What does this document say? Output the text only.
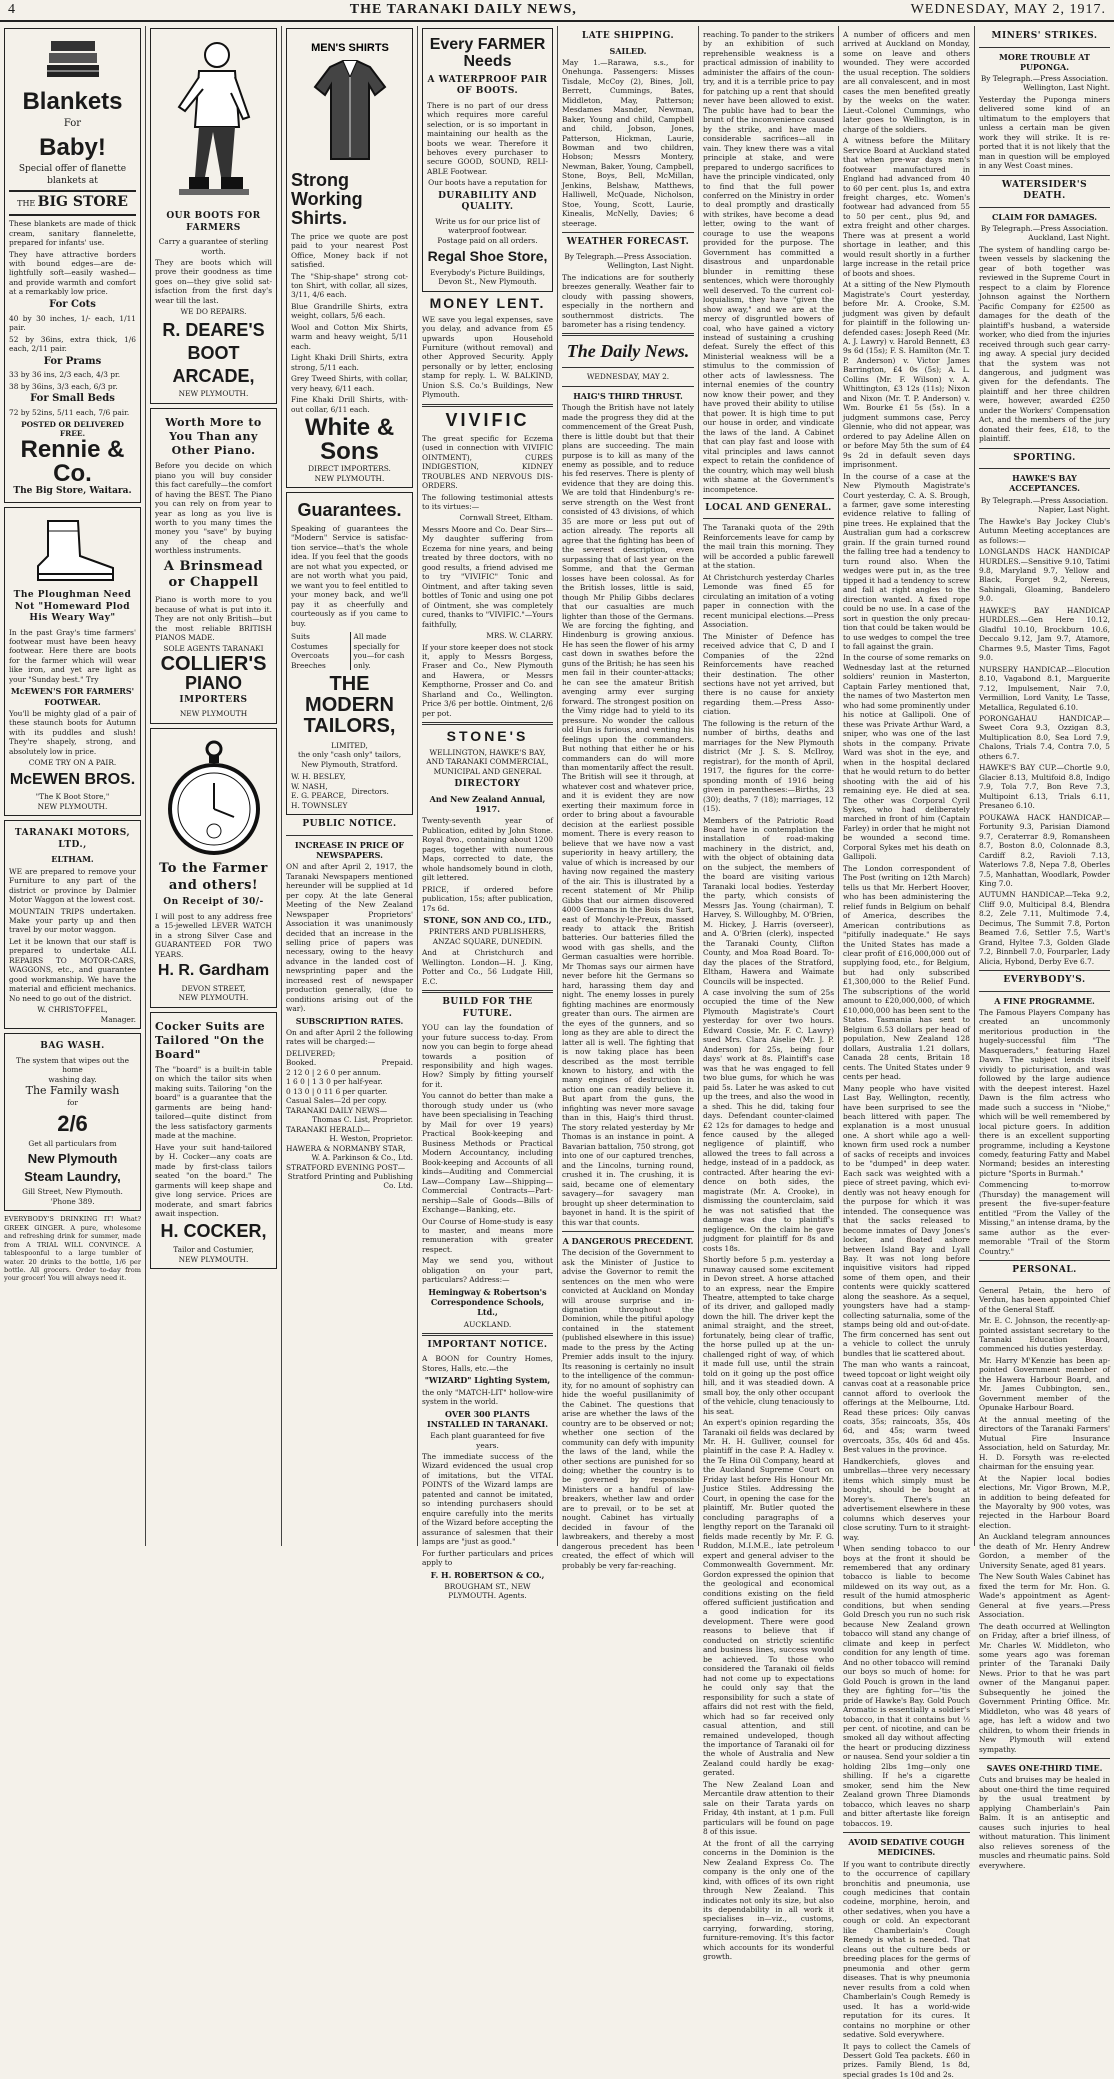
4	THE TARANAKI DAILY NEWS,	WEDNESDAY, MAY 2, 1917.
Blankets
For
Baby!
Special offer of flanette blankets at
THE BIG STORE
These blankets are made of thick cream, sanitary flannelette, prepared for infants' use.
They have attractive borders with bound edges—are delightfully soft—easily washed—and provide warmth and comfort at a remarkably low price.
For Cots
40 by 30 inches, 1/- each, 1/11 pair.
52 by 36ins, extra thick, 1/6 each, 2/11 pair.
For Prams
33 by 36 ins, 2/3 each, 4/3 pr.
38 by 36ins, 3/3 each, 6/3 pr.
For Small Beds
72 by 52ins, 5/11 each, 7/6 pair.
POSTED OR DELIVERED FREE.
Rennie & Co.
The Big Store, Waitara.
The Ploughman Need Not "Homeward Plod His Weary Way"
In the past Gray's time farmers' footwear must have been heavy footwear. Here there are boots for the farmer which will wear like iron, and yet are light as your "Sunday best." Try
McEWEN'S FOR FARMERS' FOOTWEAR.
You'll be mighty glad of a pair of these staunch boots for Autumn with its puddles and slush! They're shapely, strong, and absolutely low in price.
COME TRY ON A PAIR.
McEWEN BROS.
"The K Boot Store,"
NEW PLYMOUTH.
TARANAKI MOTORS, LTD.,
ELTHAM.
WE are prepared to remove your Furniture to any part of the district or province by Dalmier Motor Waggon at the lowest cost.
MOUNTAIN TRIPS undertaken. Make your party up and then travel by our motor waggon.
Let it be known that our staff is prepared to undertake ALL REPAIRS TO MOTOR-CARS, WAGGONS, etc., and guarantee good workmanship. We have the material and efficient mechanics. No need to go out of the district.
W. CHRISTOFFEL,
Manager.
BAG WASH.
The system that wipes out the home
washing day.
The Family wash
for
2/6
Get all particulars from
New Plymouth
Steam Laundry,
Gill Street, New Plymouth.
'Phone 389.
EVERYBODY'S DRINKING IT! What? GREEK GINGER. A pure, wholesome and refreshing drink for summer, made from A TRIAL WILL CONVINCE. A tablespoonful to a large tumbler of water. 20 drinks to the bottle, 1/6 per bottle. All grocers. Order to-day from your grocer! You will always need it.
OUR BOOTS FOR FARMERS
Carry a guarantee of sterling worth.
They are boots which will prove their goodness as time goes on—they give solid satisfaction from the first day's wear till the last.
WE DO REPAIRS.
R. DEARE'S
BOOT
ARCADE,
NEW PLYMOUTH.
Worth More to You Than any Other Piano.
Before you decide on which piano you will buy consider this fact carefully—the comfort of having the BEST. The Piano you can rely on from year to year as long as you live is worth to you many times the money you "save" by buying any of the cheap and worthless instruments.
A Brinsmead or Chappell
Piano is worth more to you because of what is put into it. They are not only British—but the most reliable BRITISH PIANOS MADE.
SOLE AGENTS TARANAKI
COLLIER'S
PIANO
IMPORTERS
NEW PLYMOUTH
To the Farmer and others!
On Receipt of 30/-
I will post to any address free a 15-jewelled LEVER WATCH in a strong Silver Case and GUARANTEED FOR TWO YEARS.
H. R. Gardham
DEVON STREET,
NEW PLYMOUTH.
Cocker Suits are Tailored "On the Board"
The "board" is a built-in table on which the tailor sits when making suits. Tailoring "on the board" is a guarantee that the garments are being hand-tailored—quite distinct from the less satisfactory garments made at the machine.
Have your suit hand-tailored by H. Cocker—any coats are made by first-class tailors seated "on the board." The garments will keep shape and give long service. Prices are moderate, and smart fabrics await inspection.
H. COCKER,
Tailor and Costumier,
NEW PLYMOUTH.
MEN'S SHIRTS
Strong Working Shirts.
The price we quote are post paid to your nearest Post Office, Money back if not satisfied.
The "Ship-shape" strong cotton Shirt, with collar, all sizes, 3/11, 4/6 each.
Blue Grandrille Shirts, extra weight, collars, 5/6 each.
Wool and Cotton Mix Shirts, warm and heavy weight, 5/11 each.
Light Khaki Drill Shirts, extra strong, 5/11 each.
Grey Tweed Shirts, with collar, very heavy, 6/11 each.
Fine Khaki Drill Shirts, without collar, 6/11 each.
White & Sons
DIRECT IMPORTERS.
NEW PLYMOUTH.
Guarantees.
Speaking of guarantees the "Modern" Service is satisfaction service—that's the whole idea. If you feel that the goods are not what you expected, or are not worth what you paid, we want you to feel entitled to your money back, and we'll pay it as cheerfully and courteously as if you came to buy.
Suits
Costumes
Overcoats
Breeches
All made specially for you—for cash only.
THE MODERN TAILORS,
LIMITED,
the only "cash only" tailors,
New Plymouth, Stratford.
W. H. BESLEY,
W. NASH,
E. G. PEARCE,
H. TOWNSLEY
Directors.
PUBLIC NOTICE.
INCREASE IN PRICE OF NEWSPAPERS.
ON and after April 2, 1917, the Taranaki Newspapers mentioned hereunder will be supplied at 1d per copy. At the late General Meeting of the New Zealand Newspaper Proprietors' Association it was unanimously decided that an increase in the selling price of papers was necessary, owing to the heavy advance in the landed cost of newsprinting paper and the increased rest of newspaper production generally, (due to conditions arising out of the war).
SUBSCRIPTION RATES.
On and after April 2 the following rates will be charged:—
DELIVERED;
Booked.	Prepaid.
2 12 0 | 2 6 0 per annum.
1 6 0 | 1 3 0 per half-year.
0 13 0 | 0 11 6 per quarter.
Casual Sales—2d per copy.
TARANAKI DAILY NEWS—
Thomas C. List, Proprietor.
TARANAKI HERALD—
H. Weston, Proprietor.
HAWERA & NORMANBY STAR,
W. A. Parkinson & Co., Ltd.
STRATFORD EVENING POST—
Stratford Printing and Publishing Co. Ltd.
Every FARMER Needs
A WATERPROOF PAIR OF BOOTS.
There is no part of our dress which requires more careful selection, or is so important in maintaining our health as the boots we wear. Therefore it behoves every purchaser to secure GOOD, SOUND, RELIABLE Footwear.
Our boots have a reputation for
DURABILITY AND QUALITY.
Write us for our price list of waterproof footwear.
Postage paid on all orders.
Regal Shoe Store,
Everybody's Picture Buildings,
Devon St., New Plymouth.
MONEY LENT.
WE save you legal expenses, save you delay, and advance from £5 upwards upon Household Furniture (without removal) and other Approved Security. Apply personally or by letter, enclosing stamp for reply. L. W. BALKIND, Union S.S. Co.'s Buildings, New Plymouth.
VIVIFIC
The great specific for Eczema (used in connection with VIVIFIC OINTMENT), CURES INDIGESTION, KIDNEY TROUBLES AND NERVOUS DISORDERS.
The following testimonial attests to its virtues:—
Cornwall Street, Eltham.
Messrs Moore and Co. Dear Sirs—My daughter suffering from Eczema for nine years, and being treated by three doctors, with no good results, a friend advised me to try "VIVIFIC" Tonic and Ointment, and after taking seven bottles of Tonic and using one pot of Ointment, she was completely cured, thanks to "VIVIFIC."—Yours faithfully,
MRS. W. CLARRY.
If your store keeper does not stock it, apply to Messrs Borgess, Fraser and Co., New Plymouth and Hawera, or Messrs Kempthorne, Prosser and Co. and Sharland and Co., Wellington. Price 3/6 per bottle. Ointment, 2/6 per pot.
STONE'S
WELLINGTON, HAWKE'S BAY, AND TARANAKI COMMERCIAL, MUNICIPAL AND GENERAL
DIRECTORY
And New Zealand Annual, 1917.
Twenty-seventh year of Publication, edited by John Stone. Royal 8vo., containing about 1200 pages, together with numerous Maps, corrected to date, the whole handsomely bound in cloth, gilt lettered.
PRICE, if ordered before publication, 15s; after publication, 17s 6d.
STONE, SON AND CO., LTD.,
PRINTERS AND PUBLISHERS,
ANZAC SQUARE, DUNEDIN.
And at Christchurch and Wellington. London—H. J. King, Potter and Co., 56 Ludgate Hill, E.C.
BUILD FOR THE FUTURE.
YOU can lay the foundation of your future success to-day. From now you can begin to forge ahead towards a position of responsibility and high wages. How? Simply by fitting yourself for it.
You cannot do better than make a thorough study under us (who have been specialising in Teaching by Mail for over 19 years) Practical Book-keeping and Business Methods or Practical Modern Accountancy, including Book-keeping and Accounts of all kinds—Auditing and Commercial Law—Company Law—Shipping—Commercial Contracts—Partnership—Sale of Goods—Bills of Exchange—Banking, etc.
Our Course of Home-study is easy to master, and means more remuneration with greater respect.
May we send you, without obligation on your part, particulars? Address:—
Hemingway & Robertson's Correspondence Schools, Ltd.,
AUCKLAND.
IMPORTANT NOTICE.
A BOON for Country Homes, Stores, Halls, etc.—the
"WIZARD" Lighting System,
the only "MATCH-LIT" hollow-wire system in the world.
OVER 300 PLANTS INSTALLED IN TARANAKI.
Each plant guaranteed for five years.
The immediate success of the Wizard evidenced the usual crop of imitations, but the VITAL POINTS of the Wizard lamps are patented and cannot be imitated, so intending purchasers should enquire carefully into the merits of the Wizard before accepting the assurance of salesmen that their lamps are "just as good."
For further particulars and prices apply to
F. H. ROBERTSON & CO.,
BROUGHAM ST., NEW PLYMOUTH. Agents.
LATE SHIPPING.
SAILED.
May 1.—Rarawa, s.s., for Onehunga. Passengers: Misses Tisdale, McCoy (2), Bines, Joll, Berrett, Cummings, Bates, Middleton, May, Patterson; Mesdames Masnder, Newman, Baker, Young and child, Campbell and child, Jobson, Jones, Patterson, Hickman, Laurie, Bowman and two children, Hobson; Messrs Montery, Newman, Baker, Young, Campbell, Stone, Boys, Bell, McMillan, Jenkins, Belshaw, Matthews, Halliwell, McQuade, Nicholson, Stoe, Young, Scott, Laurie, Kinealis, McNelly, Davies; 6 steerage.
WEATHER FORECAST.
By Telegraph.—Press Association.
Wellington, Last Night.
The indications are for southerly breezes generally. Weather fair to cloudy with passing showers, especially in the northern and southernmost districts. The barometer has a rising tendency.
The Daily News.
WEDNESDAY, MAY 2.
HAIG'S THIRD THRUST.
Though the British have not lately made the progress they did at the commencement of the Great Push, there is little doubt but that their plans are succeeding. The main purpose is to kill as many of the enemy as possible, and to reduce his fed reserves. There is plenty of evidence that they are doing this. We are told that Hindenburg's reserve strength on the West front consisted of 43 divisions, of which 35 are more or less put out of action already. The reports all agree that the fighting has been of the severest description, even surpassing that of last year on the Somme, and that the German losses have been colossal. As for the British losses, little is said, though Mr Philip Gibbs declares that our casualties are much lighter than those of the Germans. We are forcing the fighting, and Hindenburg is growing anxious. He has seen the flower of his army cast down in swathes before the guns of the British; he has seen his men fail in their counter-attacks; he can see the amateur British avenging army ever surging forward. The strongest position on the Vimy ridge had to yield to its pressure. No wonder the callous old Hun is furious, and venting his feelings upon the commanders. But nothing that either he or his commanders can do will more than momentarily affect the result. The British will see it through, at whatever cost and whatever price, and it is evident they are now exerting their maximum force in order to bring about a favourable decision at the earliest possible moment. There is every reason to believe that we have now a vast superiority in heavy artillery, the value of which is increased by our having now regained the mastery of the air. This is illustrated by a recent statement of Mr Philip Gibbs that our airmen discovered 4000 Germans in the Bois du Sart, east of Monchy-le-Preux, massed ready to attack the British batteries. Our batteries filled the wood with gas shells, and the German casualties were horrible. Mr Thomas says our airmen have never before hit the Germans so hard, harassing them day and night. The enemy losses in purely fighting machines are enormously greater than ours. The airmen are the eyes of the gunners, and so long as they are able to direct the latter all is well. The fighting that is now taking place has been described as the most terrible known to history, and with the many engines of destruction in action one can readily believe it. But apart from the guns, the infighting was never more savage than in this, Haig's third thrust. The story related yesterday by Mr Thomas is an instance in point. A Bavarian battalion, 750 strong, got into one of our captured trenches, and the Lincolns, turning round, crushed it in. The crushing, it is said, became one of elementary savagery—for savagery man brought up sheer determination to bayonet in hand. It is the spirit of this war that counts.
A DANGEROUS PRECEDENT.
The decision of the Government to ask the Minister of Justice to advise the Governor to remit the sentences on the men who were convicted at Auckland on Monday will arouse surprise and indignation throughout the Dominion, while the pitiful apology contained in the statement (published elsewhere in this issue) made to the press by the Acting Premier adds insult to the injury. Its reasoning is certainly no insult to the intelligence of the community, for no amount of sophistry can hide the woeful pusillanimity of the Cabinet. The questions that arise are whether the laws of the country are to be observed or not; whether one section of the community can defy with impunity the laws of the land, while the other sections are punished for so doing; whether the country is to be governed by responsible Ministers or a handful of law-breakers, whether law and order are to prevail, or to be set at nought. Cabinet has virtually decided in favour of the lawbreakers, and thereby a most dangerous precedent has been created, the effect of which will probably be very far-reaching.
reaching. To pander to the strikers by an exhibition of such reprehensible weakness is a practical admission of inability to administer the affairs of the country, and it is a terrible price to pay for patching up a rent that should never have been allowed to exist. The public have had to bear the brunt of the inconvenience caused by the strike, and have made considerable sacrifices—all in vain. They knew there was a vital principle at stake, and were prepared to undergo sacrifices to have the principle vindicated, only to find that the full power conferred on the Ministry in order to deal promptly and drastically with strikes, have become a dead letter, owing to the want of courage to use the weapons provided for the purpose. The Government has committed a disastrous and unpardonable blunder in remitting these sentences, which were thoroughly well deserved. To the current colloquialism, they have "given the show away," and we are at the mercy of disgruntled bowers of coal, who have gained a victory instead of sustaining a crushing defeat. Surely the effect of this Ministerial weakness will be a stimulus to the commission of other acts of lawlessness. The internal enemies of the country now know their power, and they have proved their ability to utilise that power. It is high time to put our house in order, and vindicate the laws of the land. A Cabinet that can play fast and loose with vital principles and laws cannot expect to retain the confidence of the country, which may well blush with shame at the Government's incompetence.
LOCAL AND GENERAL.
The Taranaki quota of the 29th Reinforcements leave for camp by the mail train this morning. They will be accorded a public farewell at the station.
At Christchurch yesterday Charles Lemonde was fined £5 for circulating an imitation of a voting paper in connection with the recent municipal elections.—Press Association.
The Minister of Defence has received advice that C, D and I Companies of the 22nd Reinforcements have reached their destination. The other sections have not yet arrived, but there is no cause for anxiety regarding them.—Press Association.
The following is the return of the number of births, deaths and marriages for the New Plymouth district (Mr J. S. S. McIlroy, registrar), for the month of April, 1917, the figures for the corresponding month of 1916 being given in parentheses:—Births, 23 (30); deaths, 7 (18); marriages, 12 (15).
Members of the Patriotic Road Board have in contemplation the installation of road-making machinery in the district, and, with the object of obtaining data on the subject, the members of the board are visiting various Taranaki local bodies. Yesterday the party, which consists of Messrs Jas. Young (chairman), T. Harvey, S. Willoughby, M. O'Brien, M. Hickey, J. Harris (overseer), and A. O'Brien (clerk), inspected the Taranaki County, Clifton County, and Moa Road Board. To-day the places of the Stratford, Eltham, Hawera and Waimate Councils will be inspected.
A case involving the sum of 25s occupied the time of the New Plymouth Magistrate's Court yesterday for over two hours. Edward Cossie, Mr. F. C. Lawry) sued Mrs. Clara Aiselie (Mr. J. P. Anderson) for 25s, being four days' work at 8s. Plaintiff's case was that he was engaged to fell two blue gums, for which he was paid 5s. Later he was asked to cut up the trees, and also the wood in a shed. This he did, taking four days. Defendant counter-claimed £2 12s for damages to hedge and fence caused by the alleged negligence of plaintiff, who allowed the trees to fall across a hedge, instead of in a paddock, as contracted. After hearing the evidence on both sides, the magistrate (Mr. A. Crooke), in dismissing the counterclaim, said he was not satisfied that the damage was due to plaintiff's negligence. On the claim he gave judgment for plaintiff for 8s and costs 18s.
Shortly before 5 p.m. yesterday a runaway caused some excitement in Devon street. A horse attached to an express, near the Empire Theatre, attempted to take charge of its driver, and galloped madly down the hill. The driver kept the animal straight, and the street, fortunately, being clear of traffic, the horse pulled up at the unchallenged right of way, of which it made full use, until the strain told on it going up the post office hill, and it was steadied down. A small boy, the only other occupant of the vehicle, clung tenaciously to his seat.
An expert's opinion regarding the Taranaki oil fields was declared by Mr. H. H. Gulliver, counsel for plaintiff in the case P. A. Hadley v. the Te Hina Oil Company, heard at the Auckland Supreme Court on Friday last before His Honour Mr. Justice Stiles. Addressing the Court, in opening the case for the plaintiff, Mr. Butler quoted the concluding paragraphs of a lengthy report on the Taranaki oil fields made recently by Mr. F. G. Ruddon, M.I.M.E., late petroleum expert and general adviser to the Commonwealth Government. Mr. Gordon expressed the opinion that the geological and economical conditions existing on the field offered sufficient justification and a good indication for its development. There were good reasons to believe that if conducted on strictly scientific and business lines, success would be achieved. To those who considered the Taranaki oil fields had not come up to expectations he could only say that the responsibility for such a state of affairs did not rest with the field, which had so far received only casual attention, and still remained undeveloped, though the importance of Taranaki oil for the whole of Australia and New Zealand could hardly be exaggerated.
The New Zealand Loan and Mercantile draw attention to their sale on their Tarata yards on Friday, 4th instant, at 1 p.m. Full particulars will be found on page 8 of this issue.
At the front of all the carrying concerns in the Dominion is the New Zealand Express Co. The company is the only one of the kind, with offices of its own right through New Zealand. This indicates not only its size, but also its dependability in all work it specialises in—viz., customs, carrying, forwarding, storing, furniture-removing. It's this factor which accounts for its wonderful growth.
A number of officers and men arrived at Auckland on Monday, some on leave and others wounded. They were accorded the usual reception. The soldiers are all convalescent, and in most cases the men benefited greatly by the weeks on the water. Lieut.-Colonel Cummings, who later goes to Wellington, is in charge of the soldiers.
A witness before the Military Service Board at Auckland stated that when pre-war days men's footwear manufactured in England had advanced from 40 to 60 per cent. plus 1s, and extra freight charges, etc. Women's footwear had advanced from 55 to 50 per cent., plus 9d, and extra freight and other charges. There was at present a world shortage in leather, and this would result shortly in a further large increase in the retail price of boots and shoes.
At a sitting of the New Plymouth Magistrate's Court yesterday, before Mr. A. Crooke, S.M. judgment was given by default for plaintiff in the following undefended cases: Joseph Reed (Mr. A. J. Lawry) v. Harold Bennett, £3 9s 6d (15s); F. S. Hamilton (Mr. T. P. Anderson) v. Victor James Barrington, £4 0s (5s); A. L. Collins (Mr. F. Wilson) v. A. Whittington, £3 12s (11s); Nixon and Nixon (Mr. T. P. Anderson) v. Wm. Bourke £1 5s (5s). In a judgment summons case, Percy Glennie, who did not appear, was ordered to pay Adeline Allen on or before May 5th the sum of £4 9s 2d in default seven days imprisonment.
In the course of a case at the New Plymouth Magistrate's Court yesterday, C. A. S. Brough, a farmer, gave some interesting evidence relative to falling of pine trees. He explained that the Australian gum had a corkscrew grain. If the grain turned round the falling tree had a tendency to turn round also. When the wedges were put in, as the tree tipped it had a tendency to screw and fall at right angles to the direction wanted. A fixed rope could be no use. In a case of the sort in question the only precaution that could be taken would be to use wedges to compel the tree to fall against the grain.
In the course of some remarks on Wednesday last at the returned soldiers' reunion in Masterton, Captain Farley mentioned that, the names of two Masterton men who had some prominently under his notice at Gallipoli. One of these was Private Arthur Ward, a sniper, who was one of the last shots in the company. Private Ward was shot in the eye, and when in the hospital declared that he would return to do better shooting with the aid of his remaining eye. He died at sea. The other was Corporal Cyril Sykes, who had deliberately marched in front of him (Captain Farley) in order that he might not be wounded a second time. Corporal Sykes met his death on Gallipoli.
The London correspondent of The Post (writing on 12th March) tells us that Mr. Herbert Hoover, who has been administering the relief funds in Belgium on behalf of America, describes the American contributions as "pitifully inadequate." He says the United States has made a clear profit of £16,000,000 out of supplying food, etc., for Belgium, but had only subscribed £1,300,000 to the Relief Fund. The subscriptions of the world amount to £20,000,000, of which £10,000,000 has been sent to the States. Tasmania has sent to Belgium 6.53 dollars per head of population, New Zealand 128 dollars, Australia 1.21 dollars, Canada 28 cents, Britain 18 cents. The United States under 9 cents per head.
Many people who have visited Last Bay, Wellington, recently, have been surprised to see the beach littered with paper. The explanation is a most unusual one. A short while ago a well-known firm used rock a number of sacks of receipts and invoices to be "dumped" in deep water. Each sack was weighted with a piece of street paving, which evidently was not heavy enough for the purpose for which it was intended. The consequence was that the sacks released to become inmates of Davy Jones's locker, and floated ashore between Island Bay and Lyall Bay. It was not long before inquisitive visitors had ripped some of them open, and their contents were quickly scattered along the seashore. As a sequel, youngsters have had a stamp-collecting saturnalia, some of the stamps being old and out-of-date. The firm concerned has sent out a vehicle to collect the unruly bundles that lie scattered about.
The man who wants a raincoat, tweed topcoat or light weight oily canvas coat at a reasonable price cannot afford to overlook the offerings at the Melbourne, Ltd. Read these prices: Oily canvas coats, 35s; raincoats, 35s, 40s 6d, and 45s; warm tweed overcoats, 35s, 40s 6d and 45s. Best values in the province.
Handkerchiefs, gloves and umbrellas—three very necessary items which simply must be bought, should be bought at Morey's. There's an advertisement elsewhere in these columns which deserves your close scrutiny. Turn to it straightway.
When sending tobacco to our boys at the front it should be remembered that any ordinary tobacco is liable to become mildewed on its way out, as a result of the humid atmospheric conditions, but when sending Gold Dresch you run no such risk because New Zealand grown tobacco will stand any change of climate and keep in perfect condition for any length of time. And no other tobacco will remind our boys so much of home: for Gold Pouch is grown in the land they are fighting for—'tis the pride of Hawke's Bay. Gold Pouch Aromatic is essentially a soldier's tobacco, in that it contains but ⅓ per cent. of nicotine, and can be smoked all day without affecting the heart or producing dizziness or nausea. Send your soldier a tin holding 2lbs 1mg—only one shilling. If he's a cigarette smoker, send him the New Zealand grown Three Diamonds tobacco, which leaves no sharp and bitter aftertaste like foreign tobaccos. 19.
AVOID SEDATIVE COUGH MEDICINES.
If you want to contribute directly to the occurrence of capillary bronchitis and pneumonia, use cough medicines that contain codeine, morphine, heroin, and other sedatives, when you have a cough or cold. An expectorant like Chamberlain's Cough Remedy is what is needed. That cleans out the culture beds or breeding places for the germs of pneumonia and other germ diseases. That is why pneumonia never results from a cold when Chamberlain's Cough Remedy is used. It has a world-wide reputation for its cures. It contains no morphine or other sedative. Sold everywhere.
It pays to collect the Camels of Dessert Gold Tea packets. £60 in prizes. Family Blend, 1s 8d, special grades 1s 10d and 2s.
MINERS' STRIKES.
MORE TROUBLE AT PUPONGA.
By Telegraph.—Press Association.
Wellington, Last Night.
Yesterday the Puponga miners delivered some kind of an ultimatum to the employers that unless a certain man be given work they will strike. It is reported that it is not likely that the man in question will be employed in any West Coast mines.
WATERSIDER'S DEATH.
CLAIM FOR DAMAGES.
By Telegraph.—Press Association.
Auckland, Last Night.
The system of handling cargo between vessels by slackening the gear of both together was reviewed in the Supreme Court in respect to a claim by Florence Johnson against the Northern Pacific Company for £2500 as damages for the death of the plaintiff's husband, a waterside worker, who died from the injuries received through such gear carrying away. A special jury decided that the system was not dangerous, and judgment was given for the defendants. The plaintiff and her three children were, however, awarded £250 under the Workers' Compensation Act, and the members of the jury donated their fees, £18, to the plaintiff.
SPORTING.
HAWKE'S BAY ACCEPTANCES.
By Telegraph.—Press Association.
Napier, Last Night.
The Hawke's Bay Jockey Club's Autumn Meeting acceptances are as follows:—
LONGLANDS HACK HANDICAP HURDLES.—Sensitive 9.10, Tatimi 9.8, Maryland 9.7, Yellow and Black, Forget 9.2, Nereus, Sahingali, Gloaming, Bandelero 9.0.
HAWKE'S BAY HANDICAP HURDLES.—Gen Here 10.12, Gladful 10.10, Brockburn 10.6, Deccalo 9.12, Jam 9.7, Atamore, Charmes 9.5, Master Tims, Fagot 9.0.
NURSERY HANDICAP.—Elocution 8.10, Vagabond 8.1, Marguerite 7.12, Impulsement, Nair 7.0, Vermillion, Lord Vanity, Le Tasse, Metallica, Regulated 6.10.
PORONGAHAU HANDICAP.—Sweet Cora 9.3, Ozzigan 8.3, Multiplication 8.0, Sea Lord 7.9, Chalons, Trials 7.4, Contra 7.0, 5 others 6.7.
HAWKE'S BAY CUP.—Chortle 9.0, Glacier 8.13, Multifoid 8.8, Indigo 7.9, Tola 7.7, Bon Reve 7.3, Multipoint 6.13, Trials 6.11, Presaneo 6.10.
POUKAWA HACK HANDICAP.—Fortunity 9.3, Parisian Diamond 9.7, Ceraterrar 8.9, Romansheen 8.7, Boston 8.0, Colonnade 8.3, Cardiff 8.2, Ravioli 7.13, Waterlows 7.8, Nepa 7.8, Oberles 7.5, Manhattan, Woodlark, Powder King 7.0.
AUTUMN HANDICAP.—Teka 9.2, Cliff 9.0, Multicipal 8.4, Blendra 8.2, Zele 7.11, Multimode 7.4, Decimus, The Summit 7.8, Porton Beamed 7.6, Settler 7.5, Wart's Grand, Hyltee 7.3, Golden Glade 7.2, Binnbell 7.0, Fourparler, Lady Alicia, Hybond, Derby Eve 6.7.
EVERYBODY'S.
A FINE PROGRAMME.
The Famous Players Company has created an uncommonly meritorious production in the hugely-successful film "The Masqueraders," featuring Hazel Dawn. The subject lends itself vividly to picturisation, and was followed by the large audience with the deepest interest. Hazel Dawn is the film actress who made such a success in "Niobe," which will be well remembered by local picture goers. In addition there is an excellent supporting programme, including a Keystone comedy, featuring Fatty and Mabel Normand; besides an interesting picture "Sports in Burmah."
Commencing to-morrow (Thursday) the management will present the five-super-feature entitled "From the Valley of the Missing," an intense drama, by the same author as the ever-memorable "Trail of the Storm Country."
PERSONAL.
General Petain, the hero of Verdun, has been appointed Chief of the General Staff.
Mr. E. C. Johnson, the recently-appointed assistant secretary to the Taranaki Education Board, commenced his duties yesterday.
Mr. Harry M'Kenzie has been appointed Government member of the Hawera Harbour Board, and Mr. James Cubbington, sen., Government member of the Opunake Harbour Board.
At the annual meeting of the directors of the Taranaki Farmers' Mutual Fire Insurance Association, held on Saturday, Mr. H. D. Forsyth was re-elected chairman for the ensuing year.
At the Napier local bodies elections, Mr. Vigor Brown, M.P., in addition to being defeated for the Mayoralty by 900 votes, was rejected in the Harbour Board election.
An Auckland telegram announces the death of Mr. Henry Andrew Gordon, a member of the University Senate, aged 81 years.
The New South Wales Cabinet has fixed the term for Mr. Hon. G. Wade's appointment as Agent-General at five years.—Press Association.
The death occurred at Wellington on Friday, after a brief illness, of Mr. Charles W. Middleton, who some years ago was foreman printer of the Taranaki Daily News. Prior to that he was part owner of the Manganui paper. Subsequently he joined the Government Printing Office. Mr. Middleton, who was 48 years of age, has left a widow and two children, to whom their friends in New Plymouth will extend sympathy.
SAVES ONE-THIRD TIME.
Cuts and bruises may be healed in about one-third the time required by the usual treatment by applying Chamberlain's Pain Balm. It is an antiseptic and causes such injuries to heal without maturation. This liniment also relieves soreness of the muscles and rheumatic pains. Sold everywhere.
